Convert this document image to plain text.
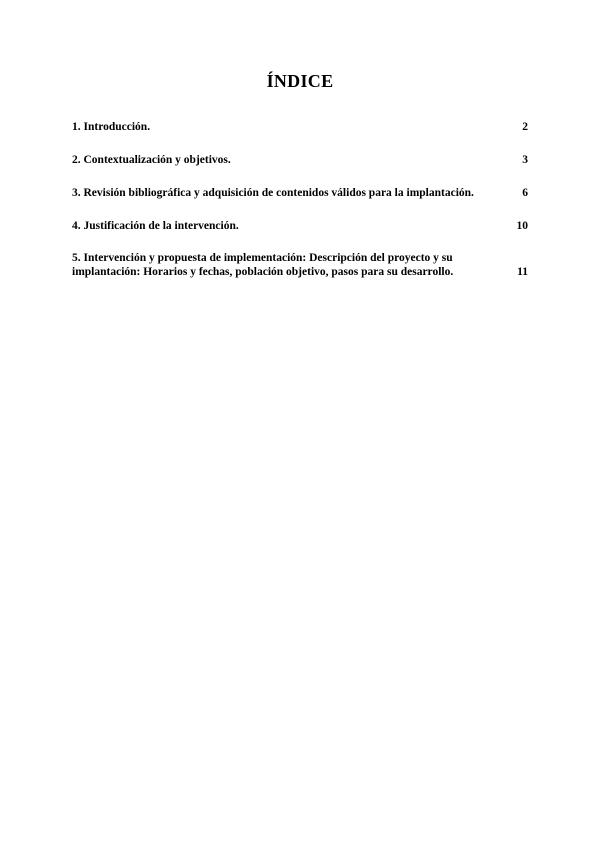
ÍNDICE
1. Introducción.	2
2. Contextualización y objetivos.	3
3. Revisión bibliográfica y adquisición de contenidos válidos para la implantación.	6
4. Justificación de la intervención.	10
5. Intervención y propuesta de implementación: Descripción del proyecto y su implantación: Horarios y fechas, población objetivo, pasos para su desarrollo.	11
